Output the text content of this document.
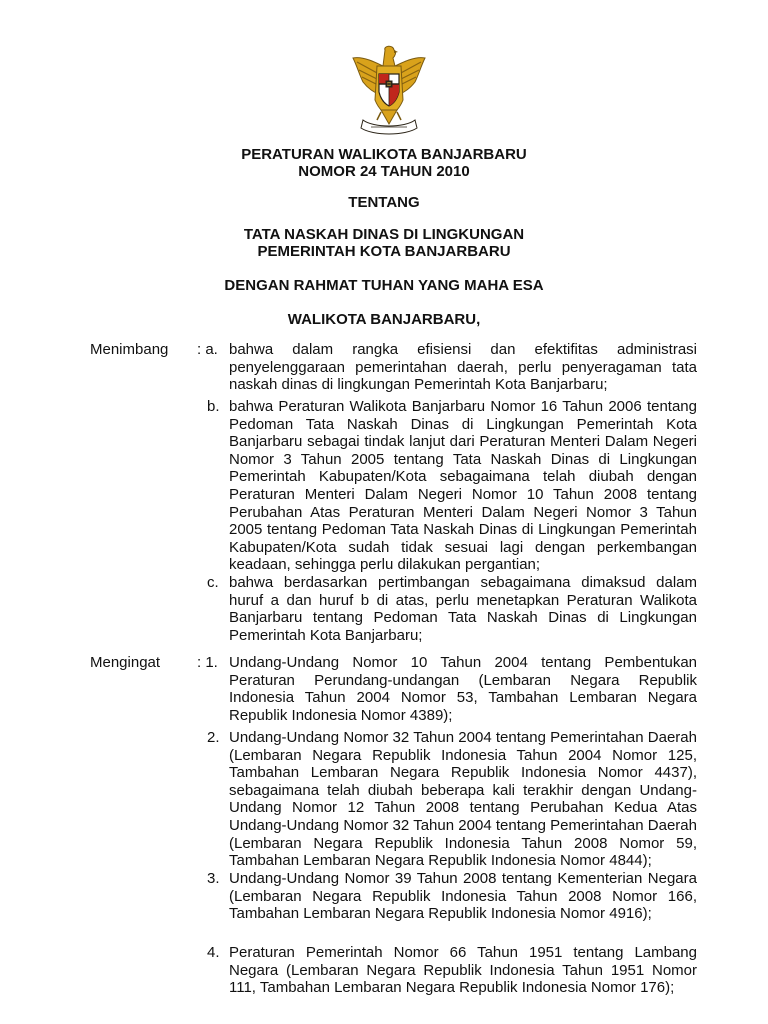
PERATURAN WALIKOTA BANJARBARU
NOMOR 24 TAHUN 2010
TENTANG
TATA NASKAH DINAS DI LINGKUNGAN
PEMERINTAH KOTA BANJARBARU
DENGAN RAHMAT TUHAN YANG MAHA ESA
WALIKOTA BANJARBARU,
Menimbang : a. bahwa dalam rangka efisiensi dan efektifitas administrasi penyelenggaraan pemerintahan daerah, perlu penyeragaman tata naskah dinas di lingkungan Pemerintah Kota Banjarbaru;
b. bahwa Peraturan Walikota Banjarbaru Nomor 16 Tahun 2006 tentang Pedoman Tata Naskah Dinas di Lingkungan Pemerintah Kota Banjarbaru sebagai tindak lanjut dari Peraturan Menteri Dalam Negeri Nomor 3 Tahun 2005 tentang Tata Naskah Dinas di Lingkungan Pemerintah Kabupaten/Kota sebagaimana telah diubah dengan Peraturan Menteri Dalam Negeri Nomor 10 Tahun 2008 tentang Perubahan Atas Peraturan Menteri Dalam Negeri Nomor 3 Tahun 2005 tentang Pedoman Tata Naskah Dinas di Lingkungan Pemerintah Kabupaten/Kota sudah tidak sesuai lagi dengan perkembangan keadaan, sehingga perlu dilakukan pergantian;
c. bahwa berdasarkan pertimbangan sebagaimana dimaksud dalam huruf a dan huruf b di atas, perlu menetapkan Peraturan Walikota Banjarbaru tentang Pedoman Tata Naskah Dinas di Lingkungan Pemerintah Kota Banjarbaru;
Mengingat : 1. Undang-Undang Nomor 10 Tahun 2004 tentang Pembentukan Peraturan Perundang-undangan (Lembaran Negara Republik Indonesia Tahun 2004 Nomor 53, Tambahan Lembaran Negara Republik Indonesia Nomor 4389);
2. Undang-Undang Nomor 32 Tahun 2004 tentang Pemerintahan Daerah (Lembaran Negara Republik Indonesia Tahun 2004 Nomor 125, Tambahan Lembaran Negara Republik Indonesia Nomor 4437), sebagaimana telah diubah beberapa kali terakhir dengan Undang-Undang Nomor 12 Tahun 2008 tentang Perubahan Kedua Atas Undang-Undang Nomor 32 Tahun 2004 tentang Pemerintahan Daerah (Lembaran Negara Republik Indonesia Tahun 2008 Nomor 59, Tambahan Lembaran Negara Republik Indonesia Nomor 4844);
3. Undang-Undang Nomor 39 Tahun 2008 tentang Kementerian Negara (Lembaran Negara Republik Indonesia Tahun 2008 Nomor 166, Tambahan Lembaran Negara Republik Indonesia Nomor 4916);
4. Peraturan Pemerintah Nomor 66 Tahun 1951 tentang Lambang Negara (Lembaran Negara Republik Indonesia Tahun 1951 Nomor 111, Tambahan Lembaran Negara Republik Indonesia Nomor 176);
